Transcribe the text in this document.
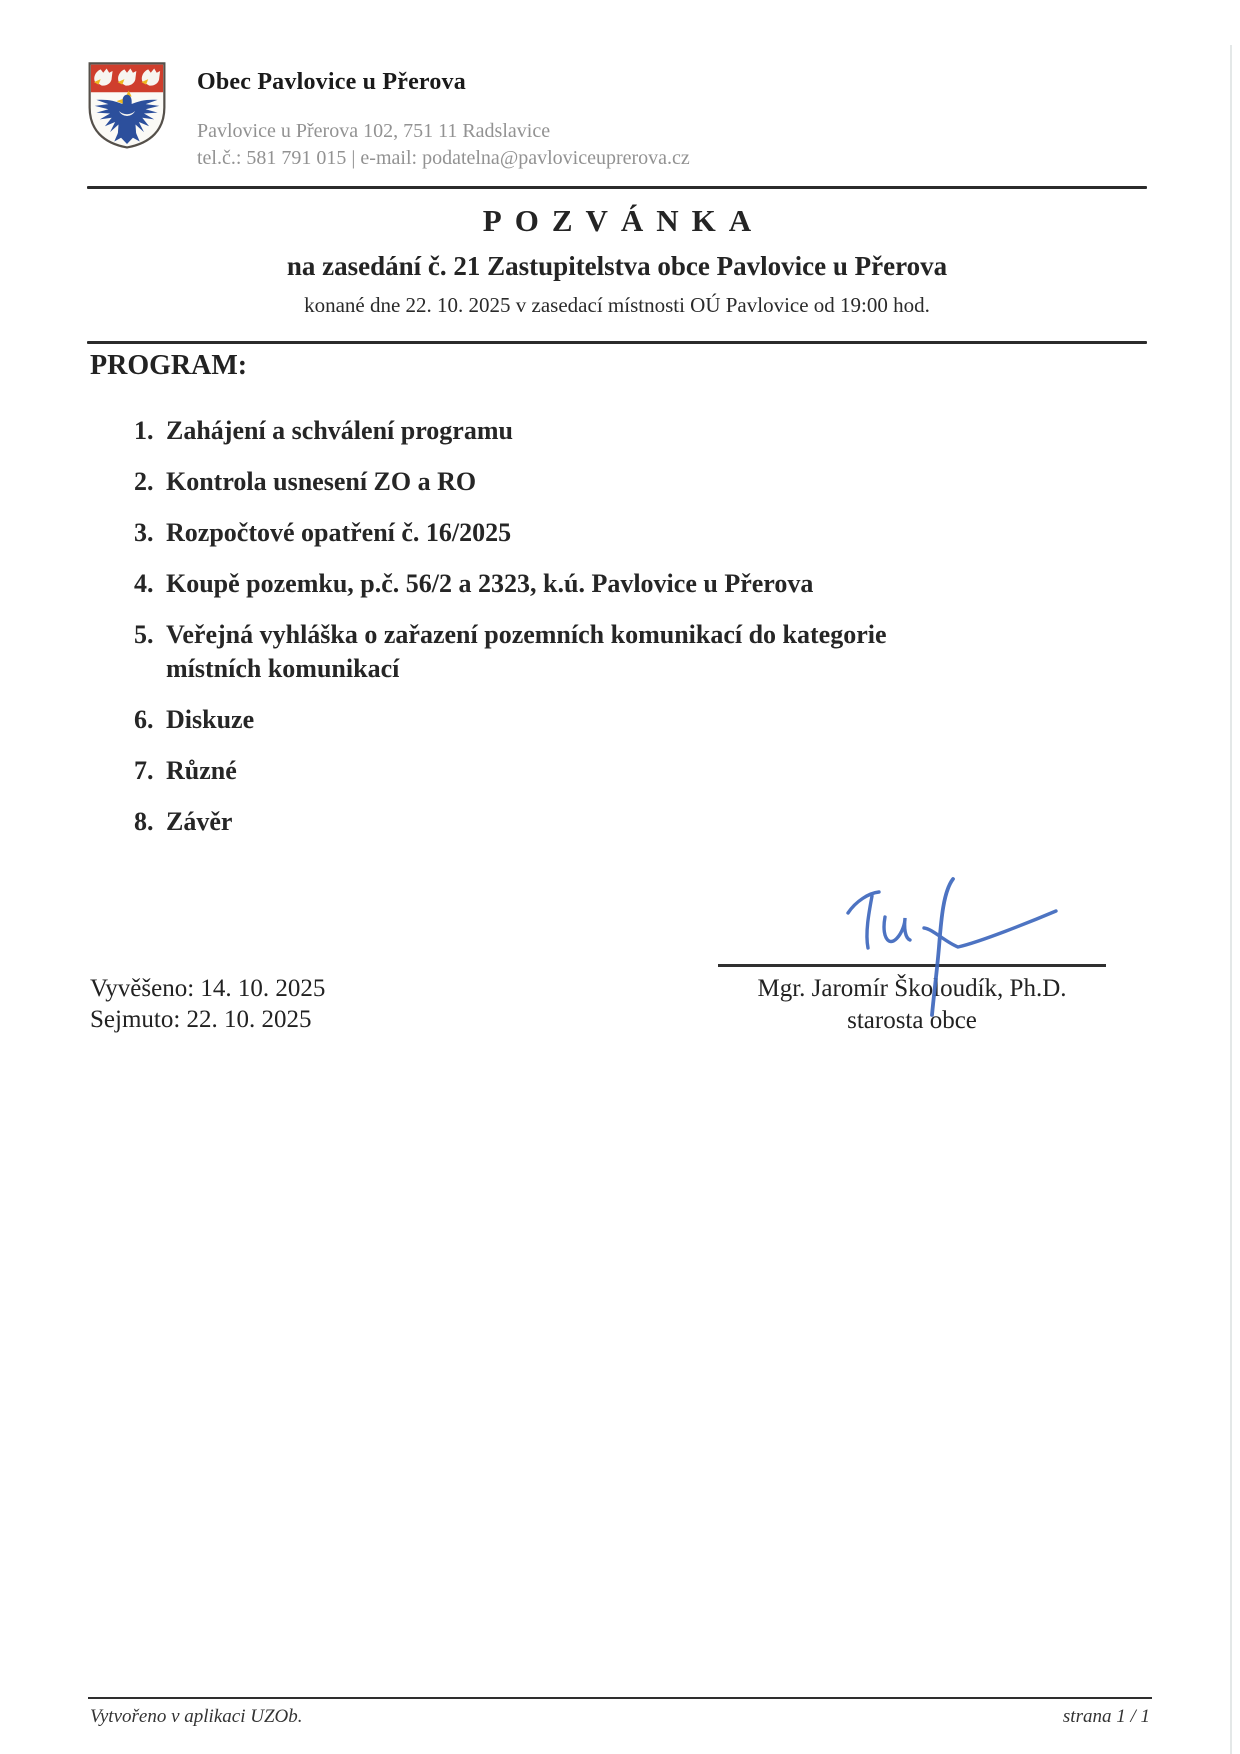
Obec Pavlovice u Přerova
Pavlovice u Přerova 102, 751 11 Radslavice
tel.č.: 581 791 015 | e-mail: podatelna@pavloviceuprerova.cz
POZVÁNKA
na zasedání č. 21 Zastupitelstva obce Pavlovice u Přerova

konané dne 22. 10. 2025 v zasedací místnosti OÚ Pavlovice od 19:00 hod.

PROGRAM:
1. Zahájení a schválení programu
2. Kontrola usnesení ZO a RO
3. Rozpočtové opatření č. 16/2025
4. Koupě pozemku, p.č. 56/2 a 2323, k.ú. Pavlovice u Přerova
5. Veřejná vyhláška o zařazení pozemních komunikací do kategorie místních komunikací
6. Diskuze
7. Různé
8. Závěr
Mgr. Jaromír Školoudík, Ph.D.
starosta obce
Vyvěšeno: 14. 10. 2025
Sejmuto: 22. 10. 2025
Vytvořeno v aplikaci UZOb.	strana 1 / 1
